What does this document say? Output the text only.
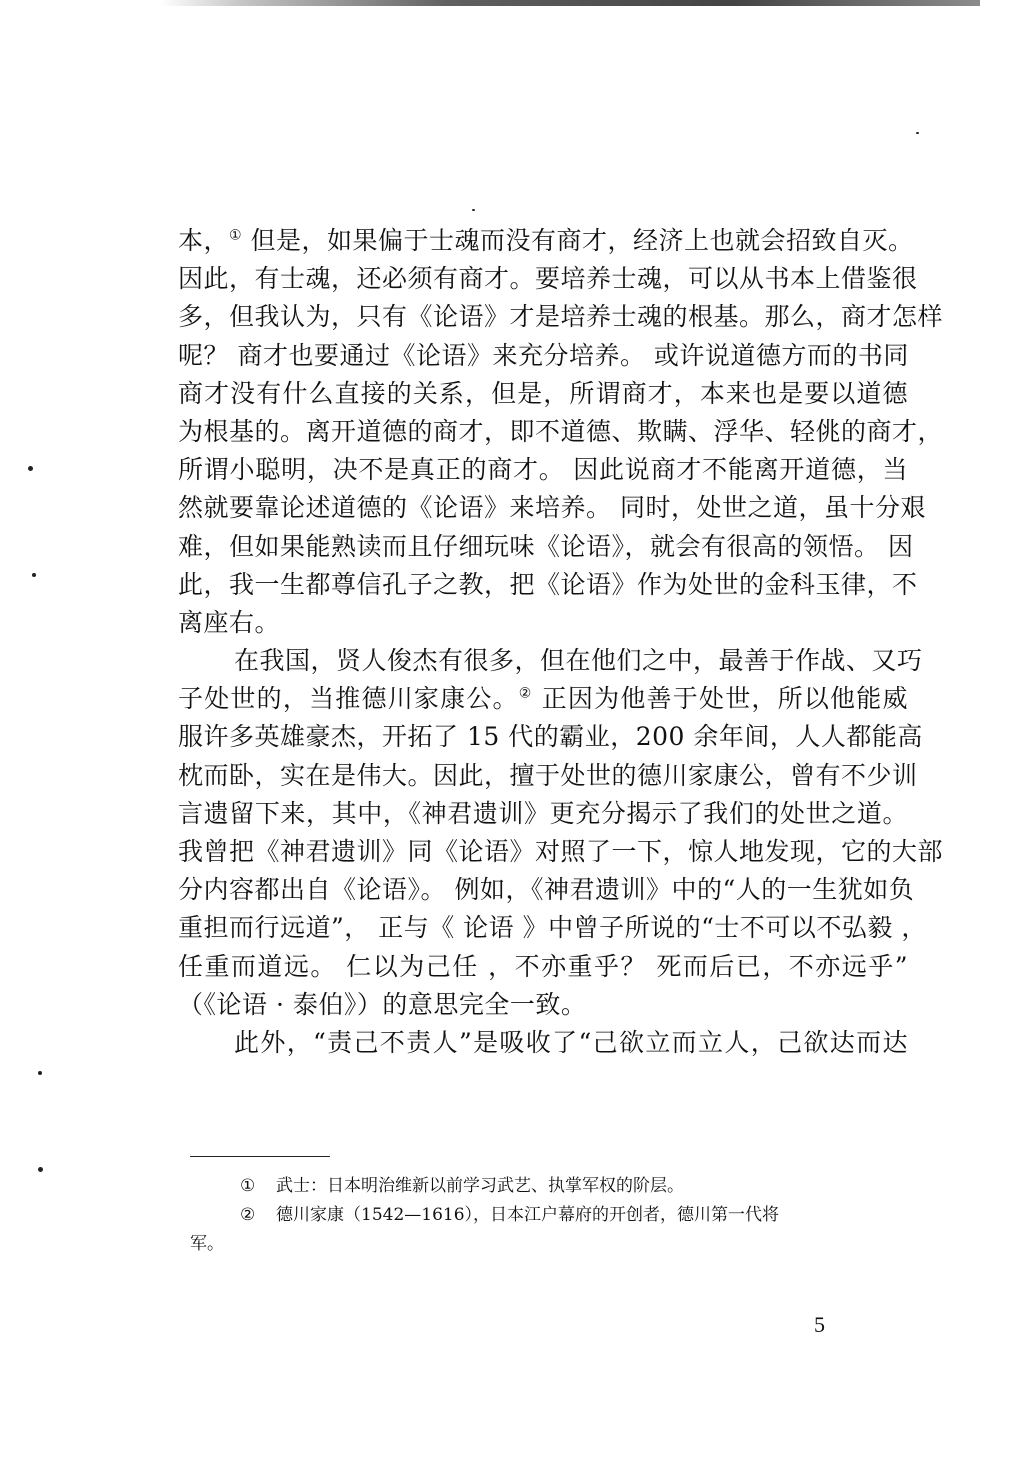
本，① 但是，如果偏于士魂而没有商才，经济上也就会招致自灭。
因此，有士魂，还必须有商才。要培养士魂，可以从书本上借鉴很
多，但我认为，只有《论语》才是培养士魂的根基。那么，商才怎样
呢？ 商才也要通过《论语》来充分培养。 或许说道德方而的书同
商才没有什么直接的关系，但是，所谓商才，本来也是要以道德
为根基的。离开道德的商才，即不道德、欺瞒、浮华、轻佻的商才，
所谓小聪明，决不是真正的商才。 因此说商才不能离开道德，当
然就要靠论述道德的《论语》来培养。 同时，处世之道，虽十分艰
难，但如果能熟读而且仔细玩味《论语》，就会有很高的领悟。 因
此，我一生都尊信孔子之教，把《论语》作为处世的金科玉律，不
离座右。
在我国，贤人俊杰有很多，但在他们之中，最善于作战、又巧
子处世的，当推德川家康公。② 正因为他善于处世，所以他能威
服许多英雄豪杰，开拓了 15 代的霸业，200 余年间，人人都能高
枕而卧，实在是伟大。因此，擅于处世的德川家康公，曾有不少训
言遗留下来，其中，《神君遗训》更充分揭示了我们的处世之道。
我曾把《神君遗训》同《论语》对照了一下，惊人地发现，它的大部
分内容都出自《论语》。 例如，《神君遗训》中的“人的一生犹如负
重担而行远道”， 正与《 论语 》中曾子所说的“士不可以不弘毅 ，
任重而道远。 仁以为己任 ，不亦重乎？ 死而后已，不亦远乎”
（《论语 · 泰伯》）的意思完全一致。
此外，“责己不责人”是吸收了“己欲立而立人，己欲达而达
① 武士：日本明治维新以前学习武艺、执掌军权的阶层。
② 德川家康（1542—1616），日本江户幕府的开创者，德川第一代将
军。
5
